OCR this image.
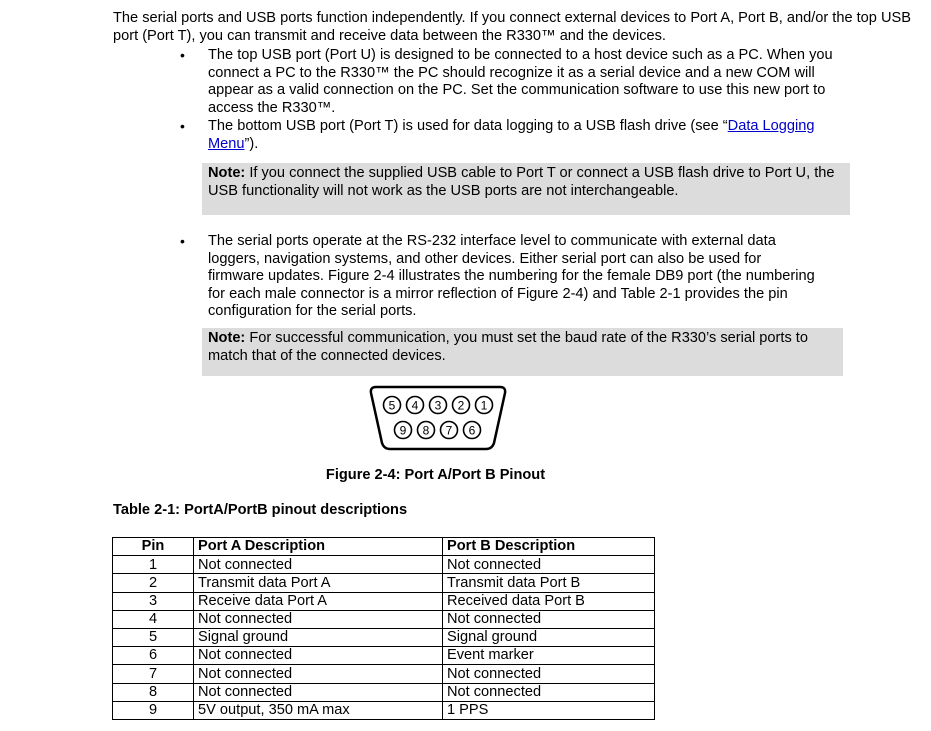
The serial ports and USB ports function independently. If you connect external devices to Port A, Port B, and/or the top USB port (Port T), you can transmit and receive data between the R330™ and the devices.
• The top USB port (Port U) is designed to be connected to a host device such as a PC. When you connect a PC to the R330™ the PC should recognize it as a serial device and a new COM will appear as a valid connection on the PC. Set the communication software to use this new port to access the R330™.
• The bottom USB port (Port T) is used for data logging to a USB flash drive (see “Data Logging Menu”).
Note: If you connect the supplied USB cable to Port T or connect a USB flash drive to Port U, the USB functionality will not work as the USB ports are not interchangeable.
• The serial ports operate at the RS-232 interface level to communicate with external data loggers, navigation systems, and other devices. Either serial port can also be used for firmware updates. Figure 2-4 illustrates the numbering for the female DB9 port (the numbering for each male connector is a mirror reflection of Figure 2-4) and Table 2-1 provides the pin configuration for the serial ports.
Note: For successful communication, you must set the baud rate of the R330’s serial ports to match that of the connected devices.
5 4 3 2 1
9 8 7 6
Figure 2-4: Port A/Port B Pinout
Table 2-1: PortA/PortB pinout descriptions
Pin	Port A Description	Port B Description
1	Not connected	Not connected
2	Transmit data Port A	Transmit data Port B
3	Receive data Port A	Received data Port B
4	Not connected	Not connected
5	Signal ground	Signal ground
6	Not connected	Event marker
7	Not connected	Not connected
8	Not connected	Not connected
9	5V output, 350 mA max	1 PPS
